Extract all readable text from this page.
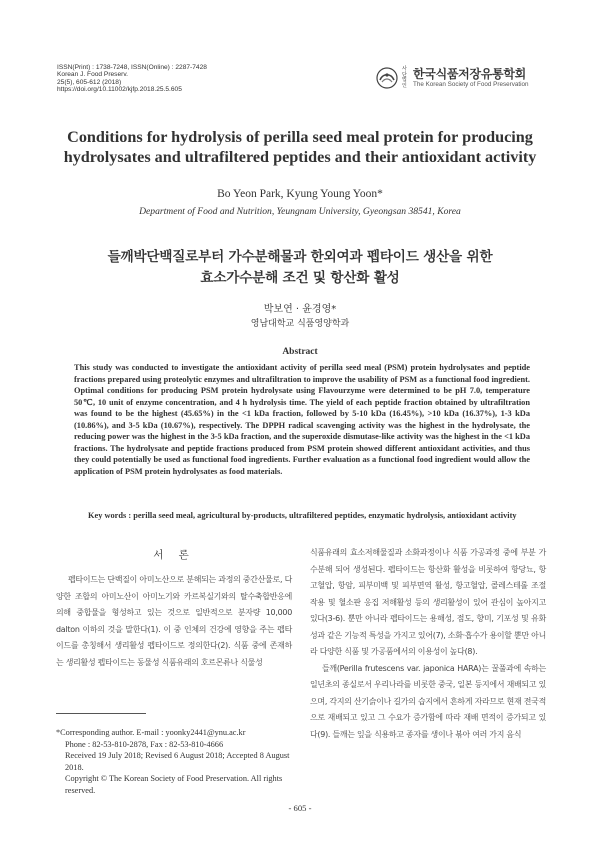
ISSN(Print) : 1738-7248, ISSN(Online) : 2287-7428
Korean J. Food Preserv.
25(5), 605-612 (2018)
https://doi.org/10.11002/kjfp.2018.25.5.605
사단법인
한국식품저장유통학회
The Korean Society of Food Preservation
Conditions for hydrolysis of perilla seed meal protein for producing hydrolysates and ultrafiltered peptides and their antioxidant activity
Bo Yeon Park, Kyung Young Yoon*
Department of Food and Nutrition, Yeungnam University, Gyeongsan 38541, Korea
들깨박단백질로부터 가수분해물과 한외여과 펩타이드 생산을 위한
효소가수분해 조건 및 항산화 활성
박보연 · 윤경영*
영남대학교 식품영양학과
Abstract
This study was conducted to investigate the antioxidant activity of perilla seed meal (PSM) protein hydrolysates and peptide fractions prepared using proteolytic enzymes and ultrafiltration to improve the usability of PSM as a functional food ingredient. Optimal conditions for producing PSM protein hydrolysate using Flavourzyme were determined to be pH 7.0, temperature 50℃, 10 unit of enzyme concentration, and 4 h hydrolysis time. The yield of each peptide fraction obtained by ultrafiltration was found to be the highest (45.65%) in the <1 kDa fraction, followed by 5-10 kDa (16.45%), >10 kDa (16.37%), 1-3 kDa (10.86%), and 3-5 kDa (10.67%), respectively. The DPPH radical scavenging activity was the highest in the hydrolysate, the reducing power was the highest in the 3-5 kDa fraction, and the superoxide dismutase-like activity was the highest in the <1 kDa fractions. The hydrolysate and peptide fractions produced from PSM protein showed different antioxidant activities, and thus they could potentially be used as functional food ingredients. Further evaluation as a functional food ingredient would allow the application of PSM protein hydrolysates as food materials.
Key words : perilla seed meal, agricultural by-products, ultrafiltered peptides, enzymatic hydrolysis, antioxidant activity
서 론

펩타이드는 단백질이 아미노산으로 분해되는 과정의 중간산물로, 다양한 조합의 아미노산이 아미노기와 카르복실기와의 탈수축합반응에 의해 중합물을 형성하고 있는 것으로 일반적으로 분자량 10,000 dalton 이하의 것을 말한다(1). 이 중 인체의 건강에 영향을 주는 펩타이드를 총칭해서 생리활성 펩타이드로 정의한다(2). 식품 중에 존재하는 생리활성 펩타이드는 동물성 식품유래의 호르몬류나 식물성

식품유래의 효소저해물질과 소화과정이나 식품 가공과정 중에 부분 가수분해 되어 생성된다. 펩타이드는 항산화 활성을 비롯하여 항당뇨, 항고혈압, 항암, 피부미백 및 피부면역 활성, 항고혈압, 콜레스테롤 조절 작용 및 혈소판 응집 저해활성 등의 생리활성이 있어 관심이 높아지고 있다(3-6). 뿐만 아니라 펩타이드는 용해성, 점도, 향미, 기포성 및 유화성과 같은 기능적 특성을 가지고 있어(7), 소화·흡수가 용이할 뿐만 아니라 다양한 식품 및 가공품에서의 이용성이 높다(8).

들깨(Perilla frutescens var. japonica HARA)는 꿀풀과에 속하는 일년초의 종실로서 우리나라를 비롯한 중국, 일본 등지에서 재배되고 있으며, 각지의 산기슭이나 길가의 습지에서 흔하게 자라므로 현재 전국적으로 재배되고 있고 그 수요가 증가함에 따라 재배 면적이 증가되고 있다(9). 들깨는 잎을 식용하고 종자를 생이나 볶아 여러 가지 음식

*Corresponding author. E-mail : yoonky2441@ynu.ac.kr
Phone : 82-53-810-2878, Fax : 82-53-810-4666
Received 19 July 2018; Revised 6 August 2018; Accepted 8 August 2018.
Copyright © The Korean Society of Food Preservation. All rights reserved.
- 605 -
